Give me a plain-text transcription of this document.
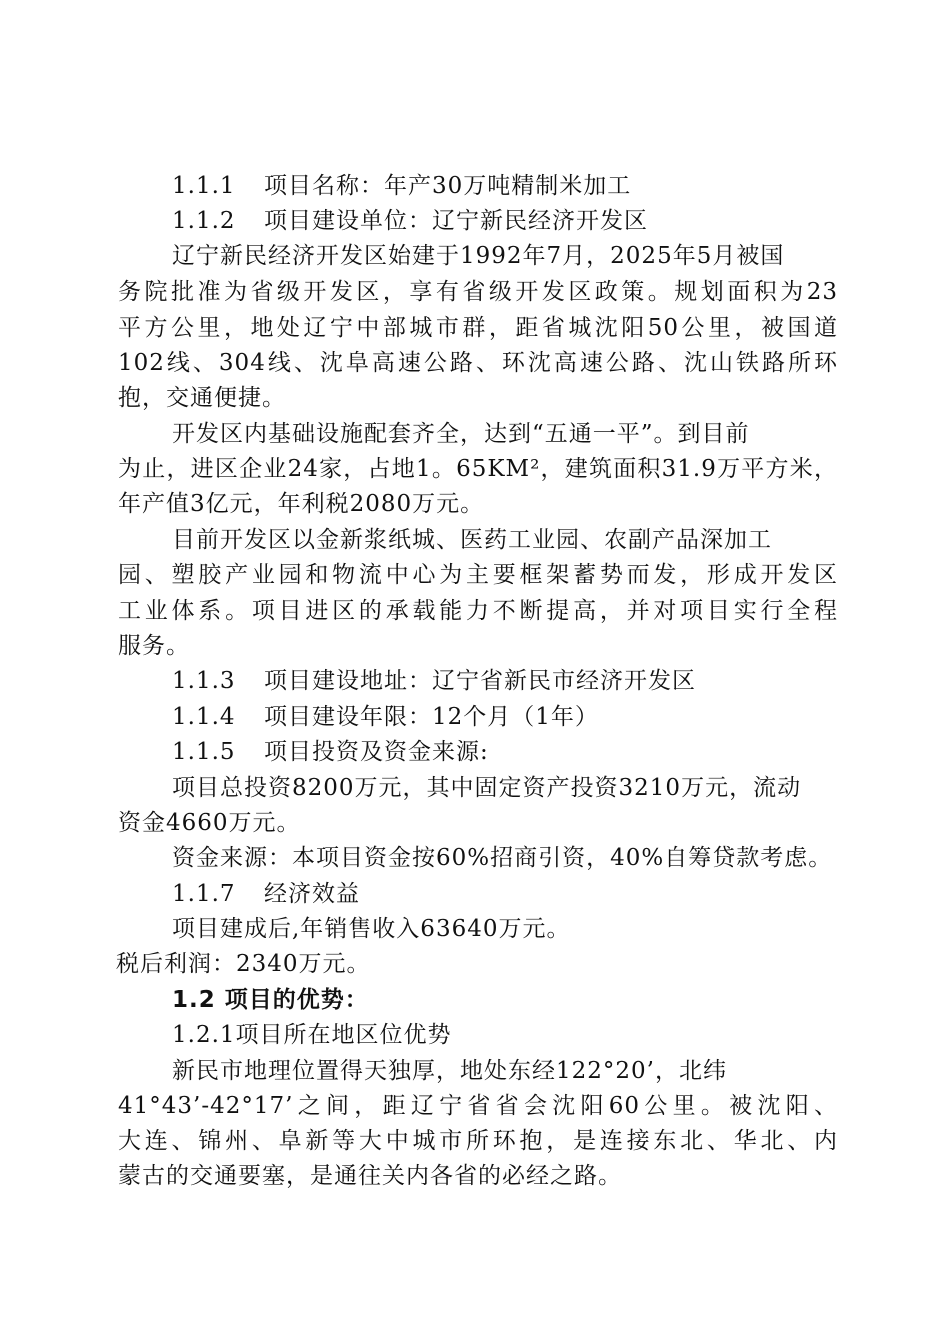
1.1.1 项目名称：年产30万吨精制米加工
1.1.2 项目建设单位：辽宁新民经济开发区
辽宁新民经济开发区始建于1992年7月，2025年5月被国
务院批准为省级开发区，享有省级开发区政策。规划面积为23
平方公里，地处辽宁中部城市群，距省城沈阳50公里，被国道
102线、304线、沈阜高速公路、环沈高速公路、沈山铁路所环
抱，交通便捷。
开发区内基础设施配套齐全，达到“五通一平”。到目前
为止，进区企业24家，占地1。65KM²，建筑面积31.9万平方米，
年产值3亿元，年利税2080万元。
目前开发区以金新浆纸城、医药工业园、农副产品深加工
园、塑胶产业园和物流中心为主要框架蓄势而发，形成开发区
工业体系。项目进区的承载能力不断提高，并对项目实行全程
服务。
1.1.3 项目建设地址：辽宁省新民市经济开发区
1.1.4 项目建设年限：12个月（1年）
1.1.5 项目投资及资金来源:
项目总投资8200万元，其中固定资产投资3210万元，流动
资金4660万元。
资金来源：本项目资金按60%招商引资，40%自筹贷款考虑。
1.1.7 经济效益
项目建成后,年销售收入63640万元。
税后利润：2340万元。
1.2 项目的优势：
1.2.1项目所在地区位优势
新民市地理位置得天独厚，地处东经122°20’，北纬
41°43’-42°17’之间，距辽宁省省会沈阳60公里。被沈阳、
大连、锦州、阜新等大中城市所环抱，是连接东北、华北、内
蒙古的交通要塞，是通往关内各省的必经之路。
